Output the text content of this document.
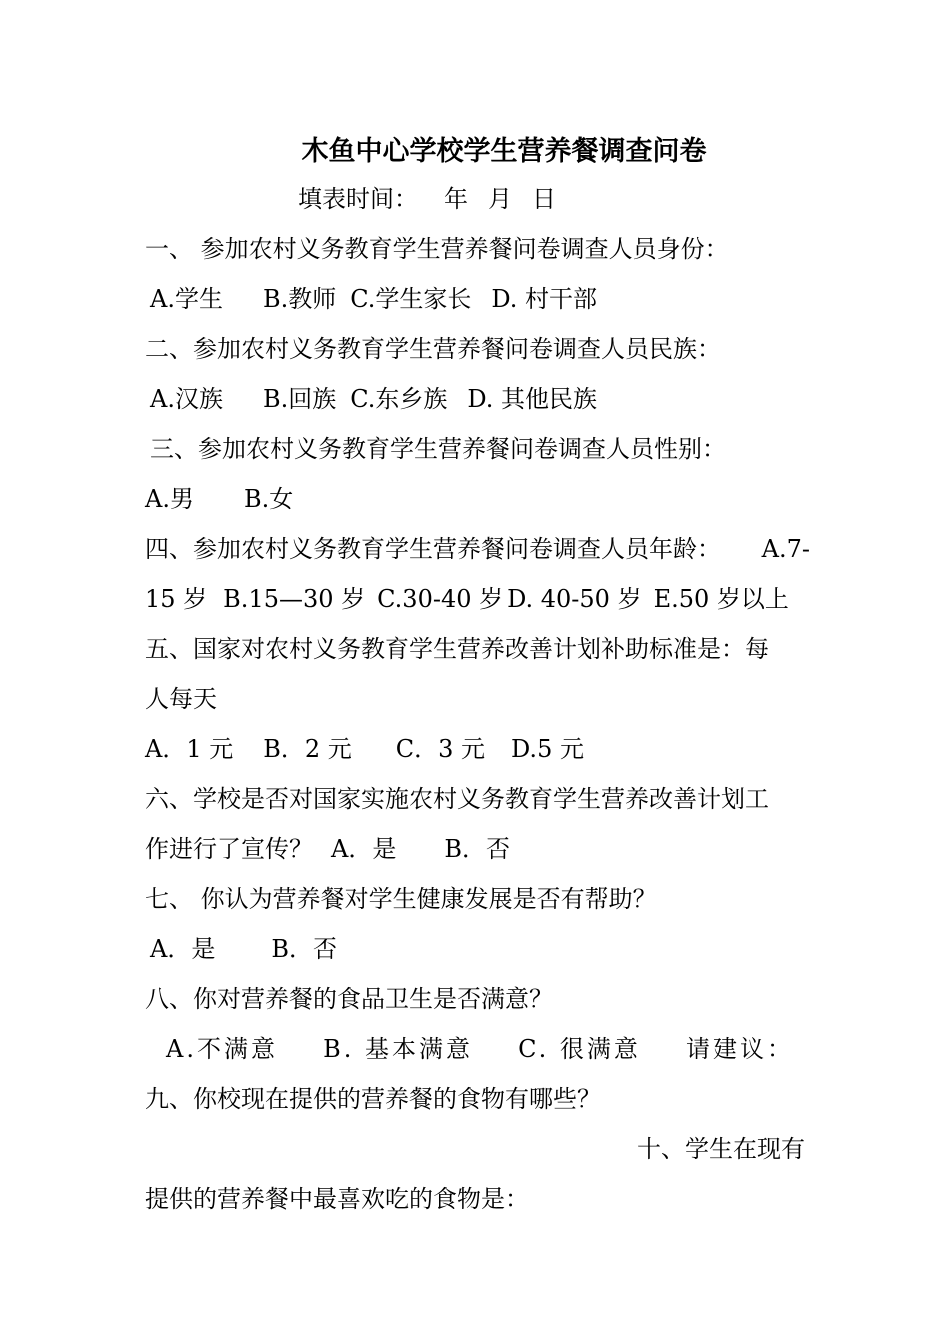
木鱼中心学校学生营养餐调查问卷
填表时间： 年 月 日
一、 参加农村义务教育学生营养餐问卷调查人员身份：
A.学生 B.教师 C.学生家长 D. 村干部
二、参加农村义务教育学生营养餐问卷调查人员民族：
A.汉族 B.回族 C.东乡族 D. 其他民族
三、参加农村义务教育学生营养餐问卷调查人员性别：
A.男 B.女
四、参加农村义务教育学生营养餐问卷调查人员年龄： A.7-
15 岁 B.15—30 岁 C.30-40 岁 D. 40-50 岁 E.50 岁以上
五、国家对农村义务教育学生营养改善计划补助标准是：每
人每天
A．1 元 B．2 元 C．3 元 D.5 元
六、学校是否对国家实施农村义务教育学生营养改善计划工
作进行了宣传？ A．是 B．否
七、 你认为营养餐对学生健康发展是否有帮助？
A．是 B．否
八、你对营养餐的食品卫生是否满意？
A.不满意 B. 基本满意 C. 很满意 请建议：
九、你校现在提供的营养餐的食物有哪些？
十、学生在现有
提供的营养餐中最喜欢吃的食物是：
